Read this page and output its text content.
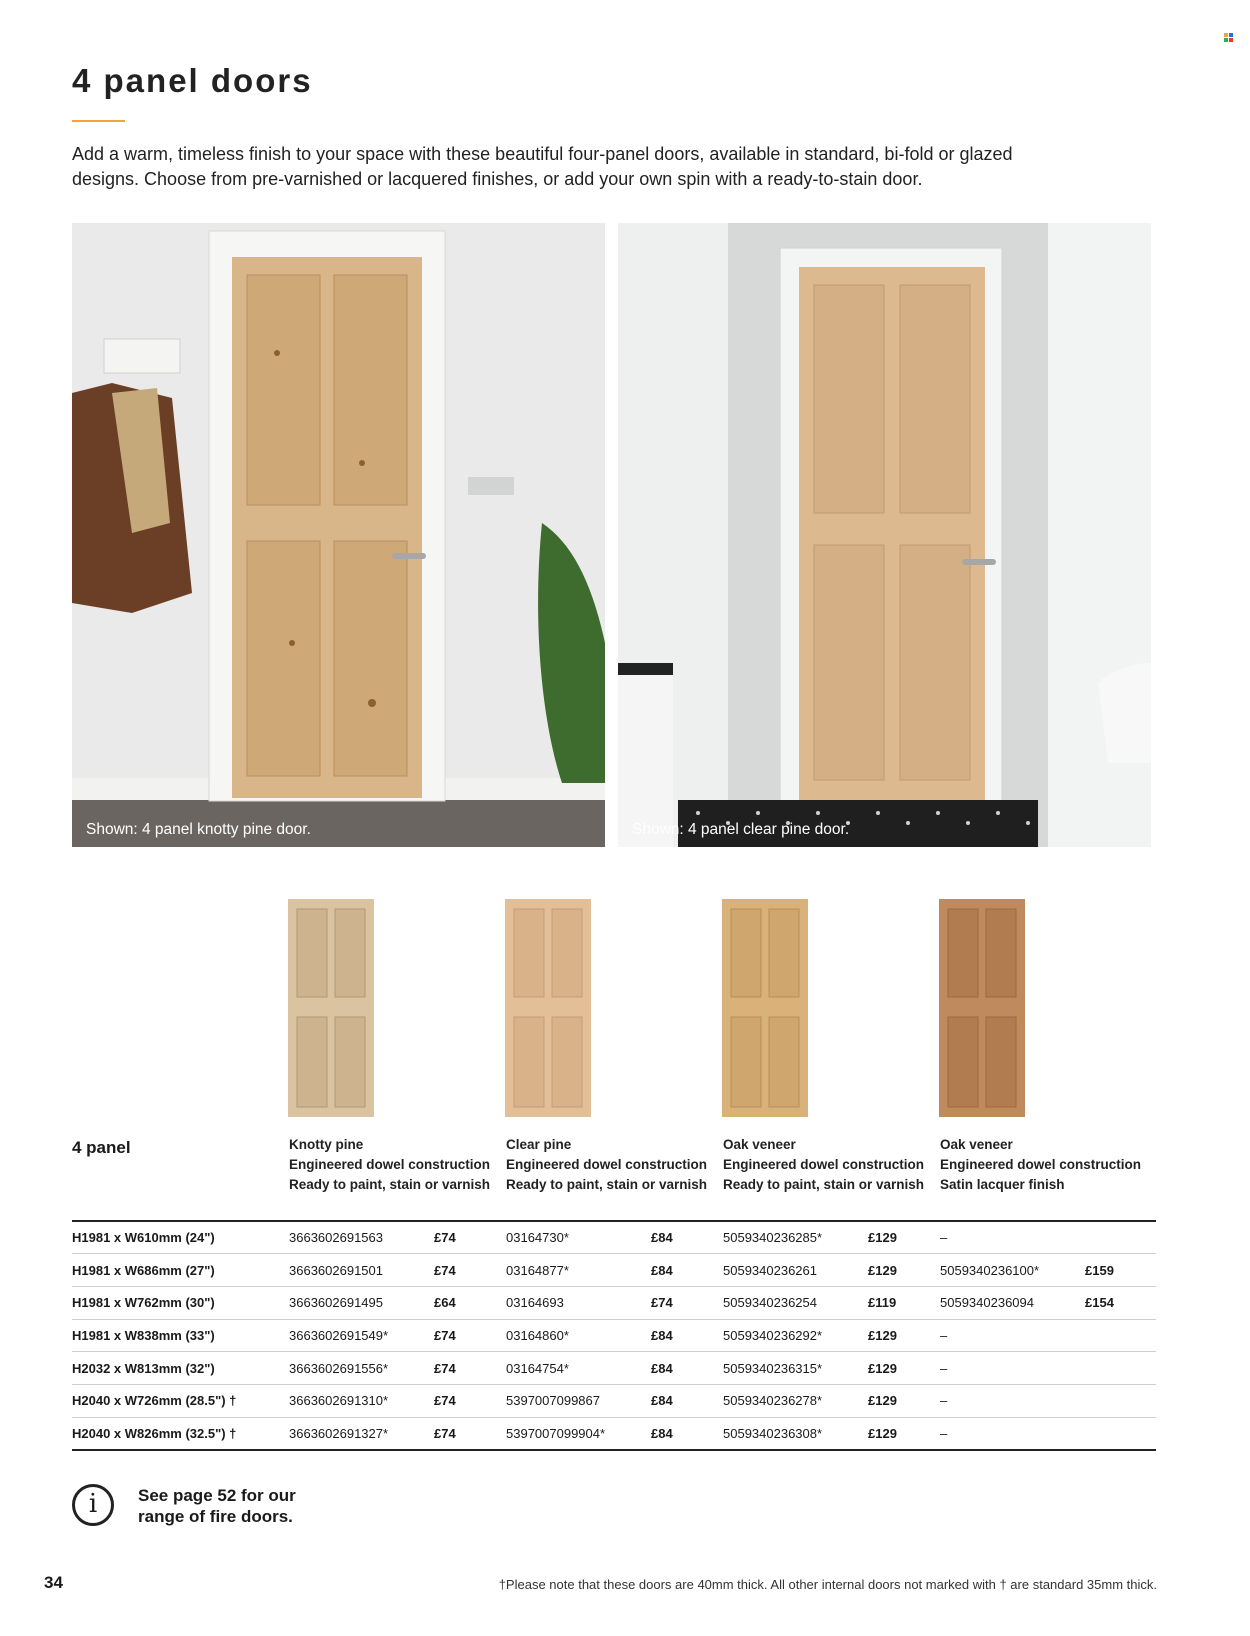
4 panel doors

Add a warm, timeless finish to your space with these beautiful four-panel doors, available in standard, bi-fold or glazed designs. Choose from pre-varnished or lacquered finishes, or add your own spin with a ready-to-stain door.

Shown: 4 panel knotty pine door.	Shown: 4 panel clear pine door.
4 panel	Knotty pine
Engineered dowel construction
Ready to paint, stain or varnish
Clear pine
Engineered dowel construction
Ready to paint, stain or varnish
Oak veneer
Engineered dowel construction
Ready to paint, stain or varnish
Oak veneer
Engineered dowel construction
Satin lacquer finish
H1981 x W610mm (24")	3663602691563	£74	03164730*	£84	5059340236285*	£129	–	
H1981 x W686mm (27")	3663602691501	£74	03164877*	£84	5059340236261	£129	5059340236100*	£159
H1981 x W762mm (30")	3663602691495	£64	03164693	£74	5059340236254	£119	5059340236094	£154
H1981 x W838mm (33")	3663602691549*	£74	03164860*	£84	5059340236292*	£129	–	
H2032 x W813mm (32")	3663602691556*	£74	03164754*	£84	5059340236315*	£129	–	
H2040 x W726mm (28.5") †	3663602691310*	£74	5397007099867	£84	5059340236278*	£129	–	
H2040 x W826mm (32.5") †	3663602691327*	£74	5397007099904*	£84	5059340236308*	£129	–	
i	See page 52 for our
range of fire doors.
34	†Please note that these doors are 40mm thick. All other internal doors not marked with † are standard 35mm thick.
